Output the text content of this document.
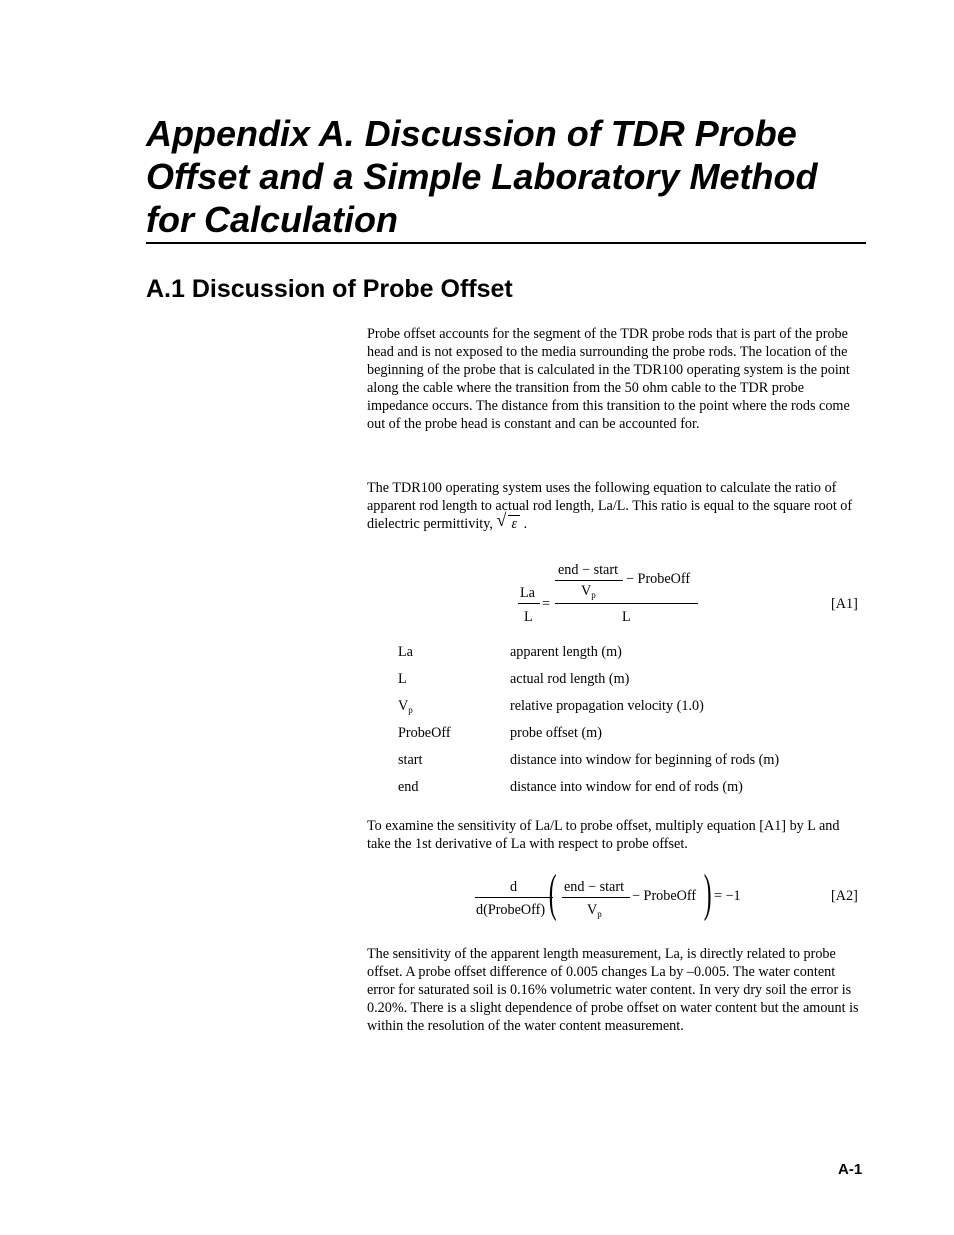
Appendix A. Discussion of TDR Probe Offset and a Simple Laboratory Method for Calculation
A.1 Discussion of Probe Offset
Probe offset accounts for the segment of the TDR probe rods that is part of the probe head and is not exposed to the media surrounding the probe rods. The location of the beginning of the probe that is calculated in the TDR100 operating system is the point along the cable where the transition from the 50 ohm cable to the TDR probe impedance occurs. The distance from this transition to the point where the rods come out of the probe head is constant and can be accounted for.
The TDR100 operating system uses the following equation to calculate the ratio of apparent rod length to actual rod length, La/L. This ratio is equal to the square root of dielectric permittivity, √ ε .
La
L
=
end − start
$V_p$
− ProbeOff
L
[A1]
La	apparent length (m)
L	actual rod length (m)
$V_p$	relative propagation velocity (1.0)
ProbeOff	probe offset (m)
start	distance into window for beginning of rods (m)
end	distance into window for end of rods (m)
To examine the sensitivity of La/L to probe offset, multiply equation [A1] by L and take the 1st derivative of La with respect to probe offset.
d
d(ProbeOff) ( end − start
$V_p$
− ProbeOff ) = −1	[A2]
The sensitivity of the apparent length measurement, La, is directly related to probe offset. A probe offset difference of 0.005 changes La by –0.005. The water content error for saturated soil is 0.16% volumetric water content. In very dry soil the error is 0.20%. There is a slight dependence of probe offset on water content but the amount is within the resolution of the water content measurement.
A-1
